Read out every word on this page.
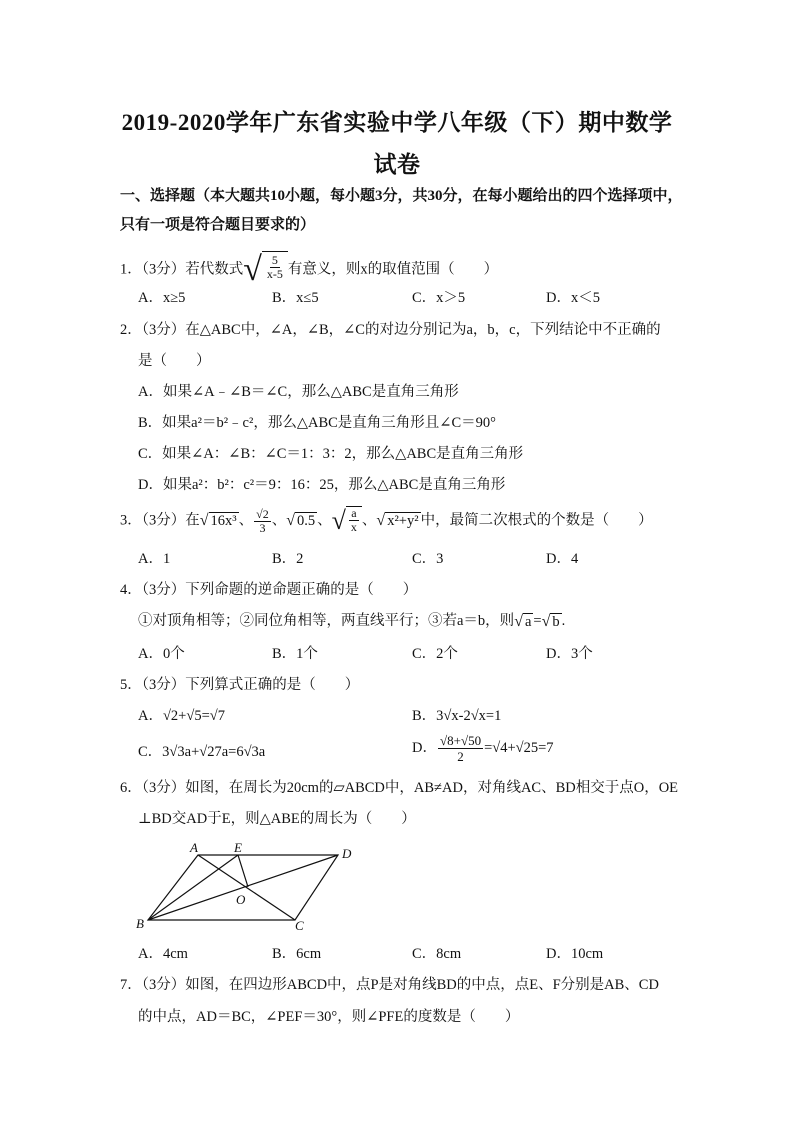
2019-2020学年广东省实验中学八年级（下）期中数学
试卷
一、选择题（本大题共10小题，每小题3分，共30分，在每小题给出的四个选择项中，
只有一项是符合题目要求的）
1．（3分）若代数式 √ $\frac{5}{x-5}$ 有意义，则x的取值范围（　　）
A．x≥5	B．x≤5	C．x＞5	D．x＜5
2．（3分）在△ABC中，∠A，∠B，∠C的对边分别记为a，b，c，下列结论中不正确的
是（　　）
A．如果∠A﹣∠B＝∠C，那么△ABC是直角三角形
B．如果a²＝b²﹣c²，那么△ABC是直角三角形且∠C＝90°
C．如果∠A：∠B：∠C＝1：3：2，那么△ABC是直角三角形
D．如果a²：b²：c²＝9：16：25，那么△ABC是直角三角形
3．（3分）在 √ 16x³ 、 $\frac{√2}{3}$ 、 √ 0.5 、 √ $\frac{a}{x}$ 、 √ x²+y² 中，最简二次根式的个数是（　　）
A．1	B．2	C．3	D．4
4．（3分）下列命题的逆命题正确的是（　　）
①对顶角相等；②同位角相等，两直线平行；③若a＝b，则 √ a = √ b .
A．0个	B．1个	C．2个	D．3个
5．（3分）下列算式正确的是（　　）
A．√2+√5=√7	B．3√x-2√x=1
C．3√3a+√27a=6√3a	D． $\frac{√8+√50}{2} =√4+√25=7$
6．（3分）如图，在周长为20cm的▱ABCD中，AB≠AD，对角线AC、BD相交于点O，OE
⊥BD交AD于E，则△ABE的周长为（　　）
A	E	D
O
B	C
A．4cm	B．6cm	C．8cm	D．10cm
7．（3分）如图，在四边形ABCD中，点P是对角线BD的中点，点E、F分别是AB、CD
的中点，AD＝BC，∠PEF＝30°，则∠PFE的度数是（　　）
